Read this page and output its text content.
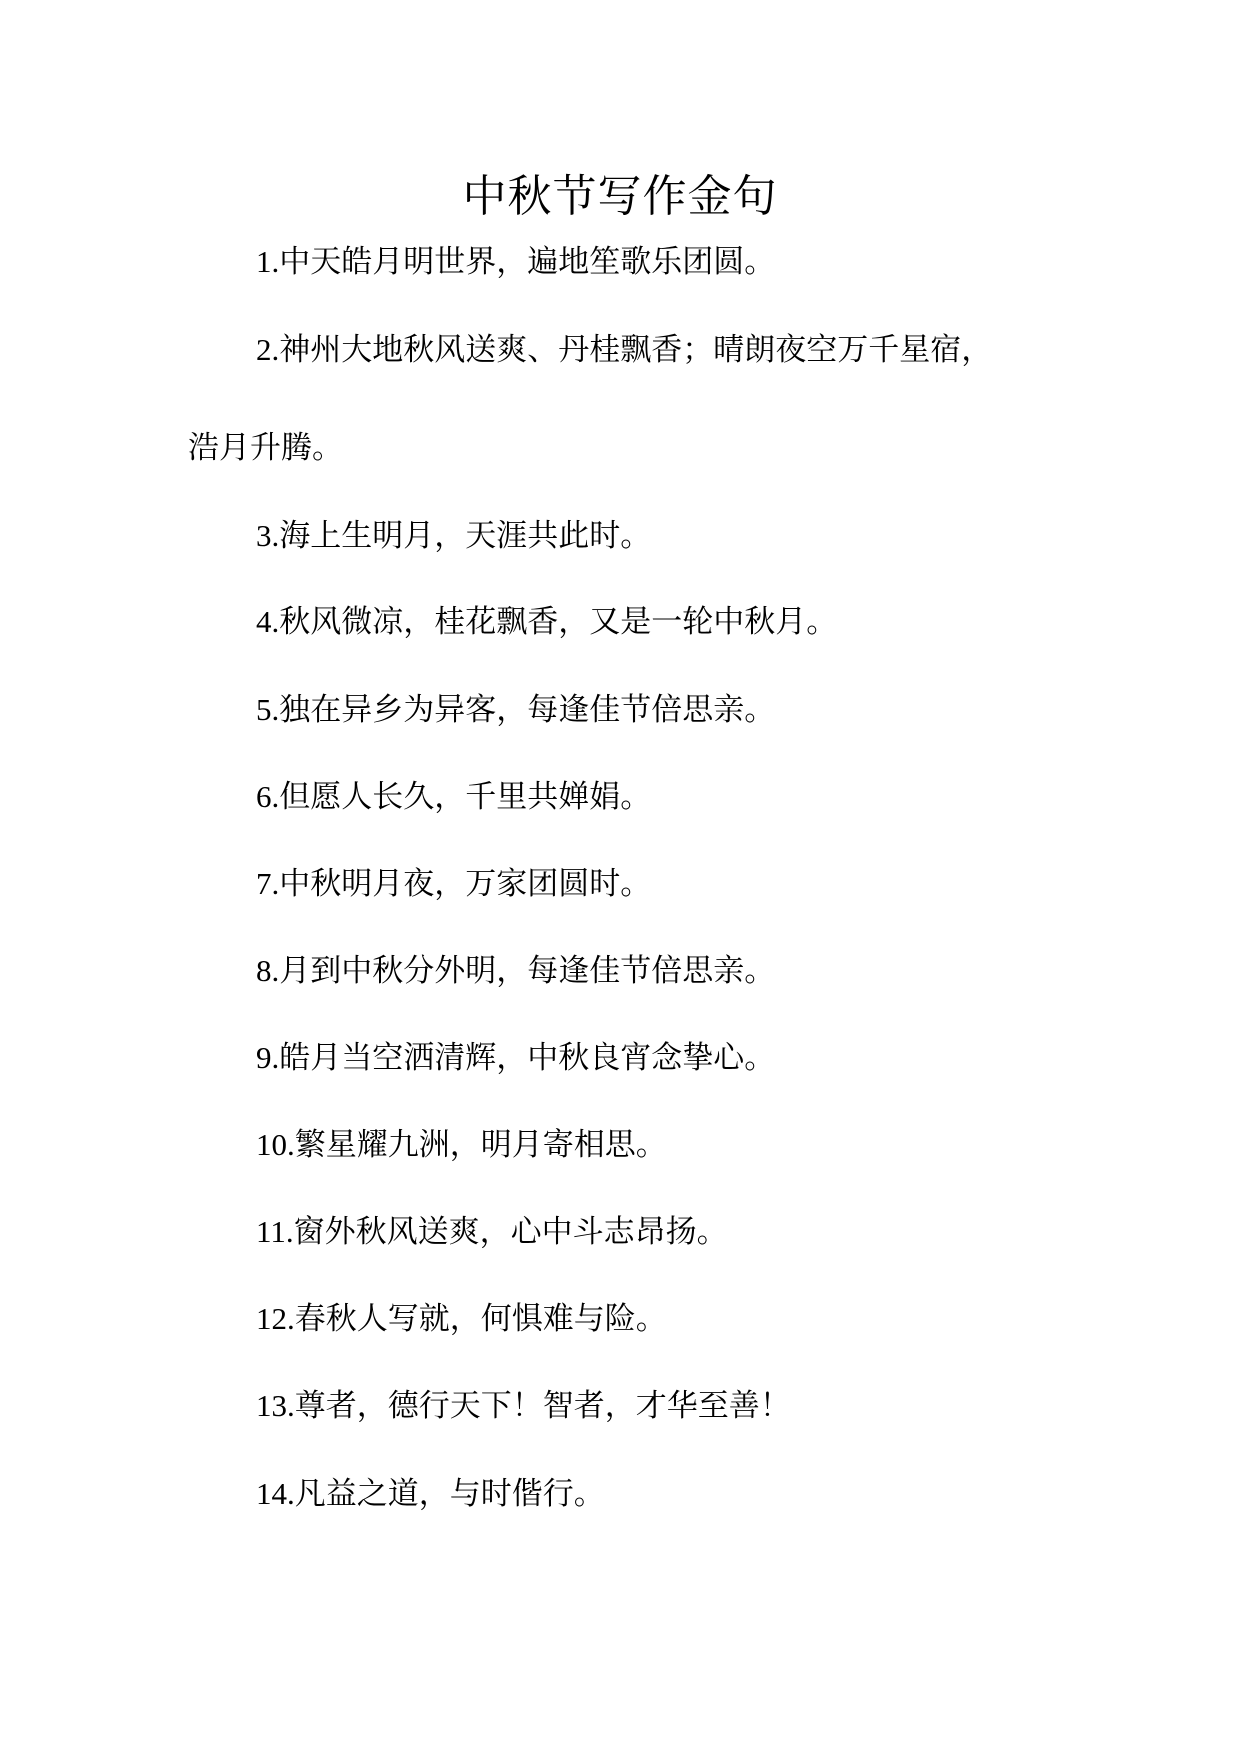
中秋节写作金句
1.中天皓月明世界，遍地笙歌乐团圆。
2.神州大地秋风送爽、丹桂飘香；晴朗夜空万千星宿，
浩月升腾。
3.海上生明月，天涯共此时。
4.秋风微凉，桂花飘香，又是一轮中秋月。
5.独在异乡为异客，每逢佳节倍思亲。
6.但愿人长久，千里共婵娟。
7.中秋明月夜，万家团圆时。
8.月到中秋分外明，每逢佳节倍思亲。
9.皓月当空洒清辉，中秋良宵念挚心。
10.繁星耀九洲，明月寄相思。
11.窗外秋风送爽，心中斗志昂扬。
12.春秋人写就，何惧难与险。
13.尊者，德行天下！智者，才华至善！
14.凡益之道，与时偕行。
